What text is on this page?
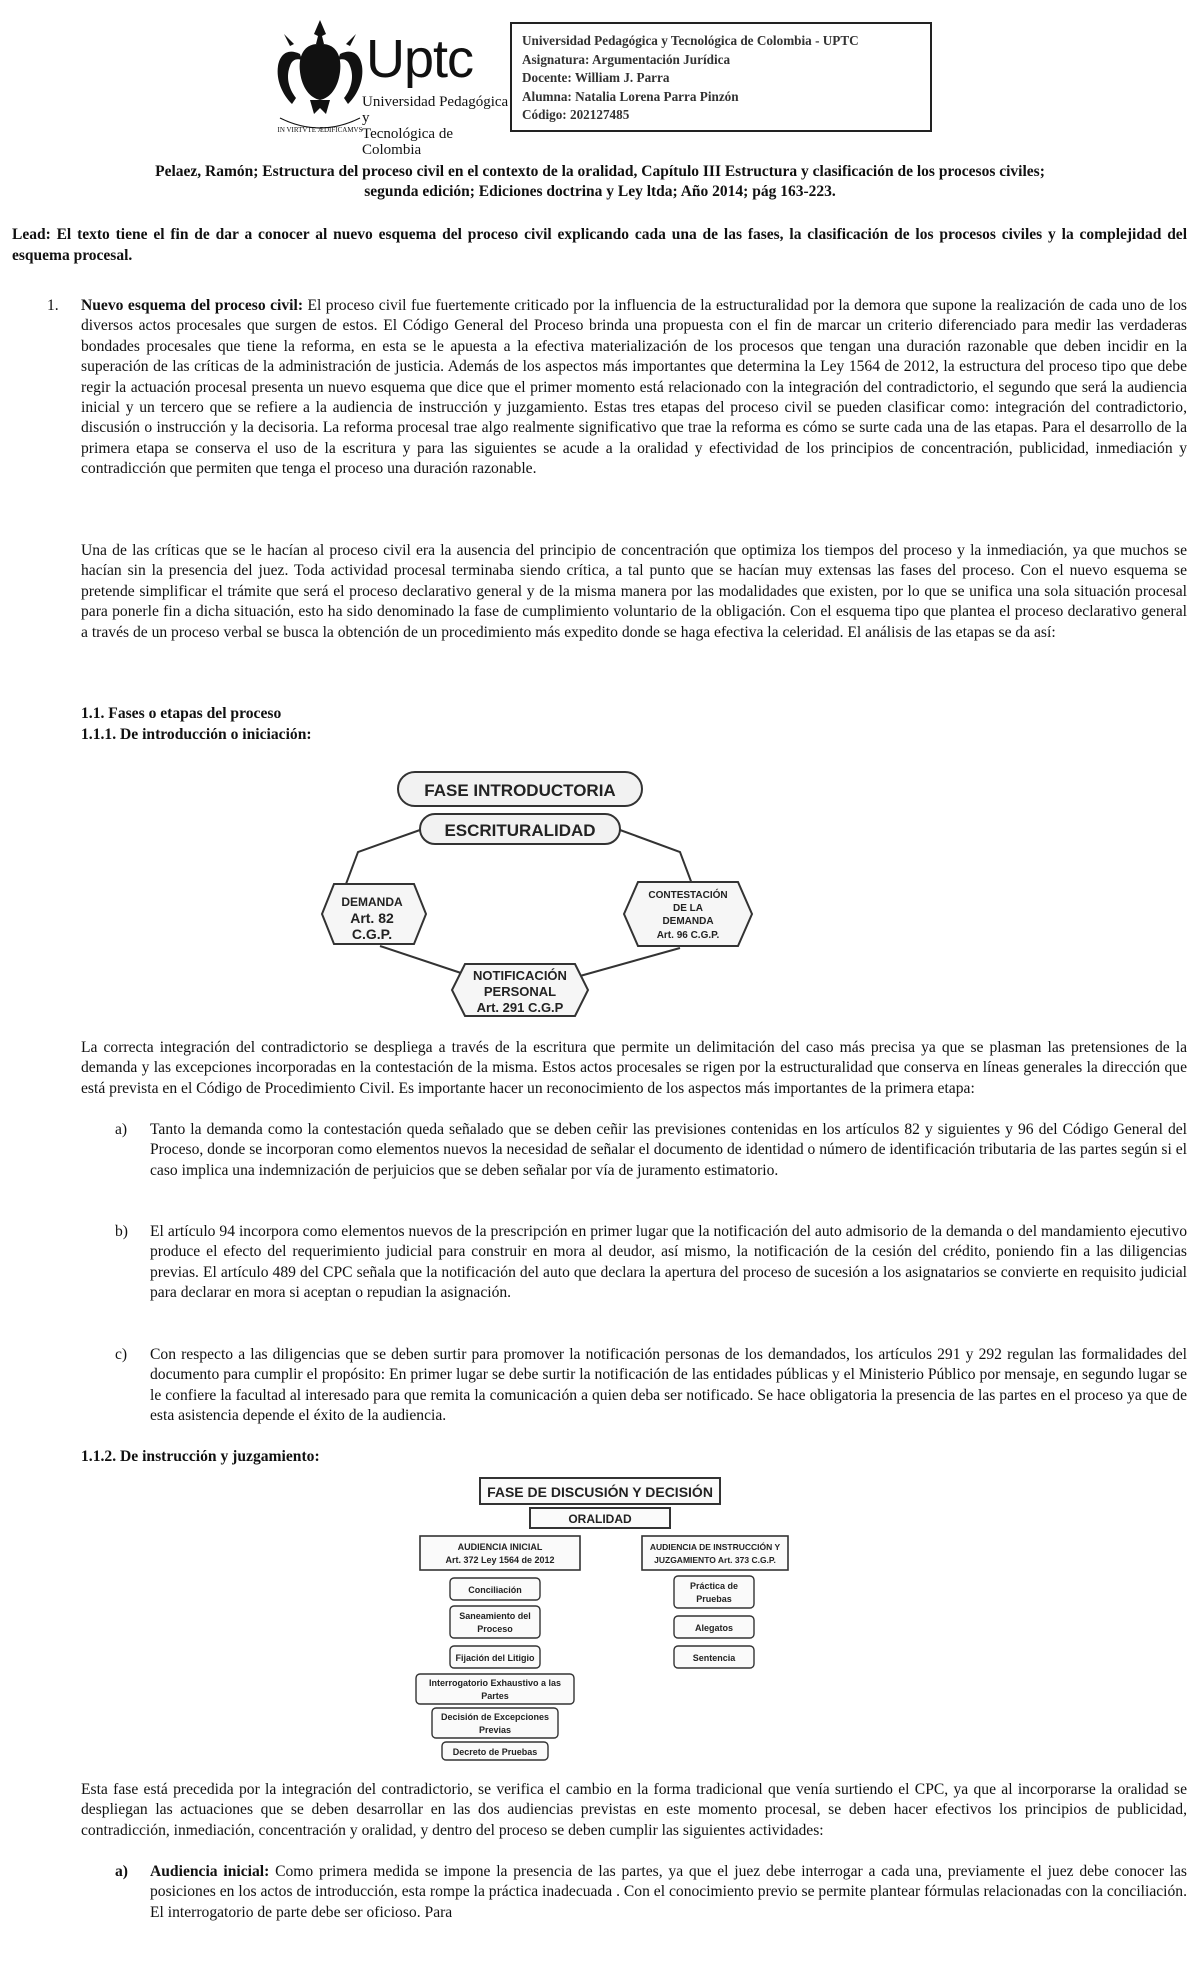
IN VIRTVTE ÆDIFICAMVS
Uptc
Universidad Pedagógica y
Tecnológica de Colombia
Universidad Pedagógica y Tecnológica de Colombia - UPTC
Asignatura: Argumentación Jurídica
Docente: William J. Parra
Alumna: Natalia Lorena Parra Pinzón
Código: 202127485
Pelaez, Ramón; Estructura del proceso civil en el contexto de la oralidad, Capítulo III Estructura y clasificación de los procesos civiles;
segunda edición; Ediciones doctrina y Ley ltda; Año 2014; pág 163-223.
Lead: El texto tiene el fin de dar a conocer al nuevo esquema del proceso civil explicando cada una de las fases, la clasificación de los procesos civiles y la complejidad del esquema procesal.
1. Nuevo esquema del proceso civil: El proceso civil fue fuertemente criticado por la influencia de la estructuralidad por la demora que supone la realización de cada uno de los diversos actos procesales que surgen de estos. El Código General del Proceso brinda una propuesta con el fin de marcar un criterio diferenciado para medir las verdaderas bondades procesales que tiene la reforma, en esta se le apuesta a la efectiva materialización de los procesos que tengan una duración razonable que deben incidir en la superación de las críticas de la administración de justicia. Además de los aspectos más importantes que determina la Ley 1564 de 2012, la estructura del proceso tipo que debe regir la actuación procesal presenta un nuevo esquema que dice que el primer momento está relacionado con la integración del contradictorio, el segundo que será la audiencia inicial y un tercero que se refiere a la audiencia de instrucción y juzgamiento. Estas tres etapas del proceso civil se pueden clasificar como: integración del contradictorio, discusión o instrucción y la decisoria. La reforma procesal trae algo realmente significativo que trae la reforma es cómo se surte cada una de las etapas. Para el desarrollo de la primera etapa se conserva el uso de la escritura y para las siguientes se acude a la oralidad y efectividad de los principios de concentración, publicidad, inmediación y contradicción que permiten que tenga el proceso una duración razonable.
Una de las críticas que se le hacían al proceso civil era la ausencia del principio de concentración que optimiza los tiempos del proceso y la inmediación, ya que muchos se hacían sin la presencia del juez. Toda actividad procesal terminaba siendo crítica, a tal punto que se hacían muy extensas las fases del proceso. Con el nuevo esquema se pretende simplificar el trámite que será el proceso declarativo general y de la misma manera por las modalidades que existen, por lo que se unifica una sola situación procesal para ponerle fin a dicha situación, esto ha sido denominado la fase de cumplimiento voluntario de la obligación. Con el esquema tipo que plantea el proceso declarativo general a través de un proceso verbal se busca la obtención de un procedimiento más expedito donde se haga efectiva la celeridad. El análisis de las etapas se da así:
1.1. Fases o etapas del proceso
1.1.1. De introducción o iniciación:
FASE INTRODUCTORIA
ESCRITURALIDAD
DEMANDA
Art. 82
C.G.P.
CONTESTACIÓN
DE LA
DEMANDA
Art. 96 C.G.P.
NOTIFICACIÓN
PERSONAL
Art. 291 C.G.P
La correcta integración del contradictorio se despliega a través de la escritura que permite un delimitación del caso más precisa ya que se plasman las pretensiones de la demanda y las excepciones incorporadas en la contestación de la misma. Estos actos procesales se rigen por la estructuralidad que conserva en líneas generales la dirección que está prevista en el Código de Procedimiento Civil. Es importante hacer un reconocimiento de los aspectos más importantes de la primera etapa:
a) Tanto la demanda como la contestación queda señalado que se deben ceñir las previsiones contenidas en los artículos 82 y siguientes y 96 del Código General del Proceso, donde se incorporan como elementos nuevos la necesidad de señalar el documento de identidad o número de identificación tributaria de las partes según si el caso implica una indemnización de perjuicios que se deben señalar por vía de juramento estimatorio.
b) El artículo 94 incorpora como elementos nuevos de la prescripción en primer lugar que la notificación del auto admisorio de la demanda o del mandamiento ejecutivo produce el efecto del requerimiento judicial para construir en mora al deudor, así mismo, la notificación de la cesión del crédito, poniendo fin a las diligencias previas. El artículo 489 del CPC señala que la notificación del auto que declara la apertura del proceso de sucesión a los asignatarios se convierte en requisito judicial para declarar en mora si aceptan o repudian la asignación.
c) Con respecto a las diligencias que se deben surtir para promover la notificación personas de los demandados, los artículos 291 y 292 regulan las formalidades del documento para cumplir el propósito: En primer lugar se debe surtir la notificación de las entidades públicas y el Ministerio Público por mensaje, en segundo lugar se le confiere la facultad al interesado para que remita la comunicación a quien deba ser notificado. Se hace obligatoria la presencia de las partes en el proceso ya que de esta asistencia depende el éxito de la audiencia.
1.1.2. De instrucción y juzgamiento:
FASE DE DISCUSIÓN Y DECISIÓN
ORALIDAD
AUDIENCIA INICIAL
Art. 372 Ley 1564 de 2012
AUDIENCIA DE INSTRUCCIÓN Y
JUZGAMIENTO Art. 373 C.G.P.
Conciliación
Saneamiento del
Proceso
Fijación del Litigio
Interrogatorio Exhaustivo a las
Partes
Decisión de Excepciones
Previas
Decreto de Pruebas
Práctica de
Pruebas
Alegatos
Sentencia
Esta fase está precedida por la integración del contradictorio, se verifica el cambio en la forma tradicional que venía surtiendo el CPC, ya que al incorporarse la oralidad se despliegan las actuaciones que se deben desarrollar en las dos audiencias previstas en este momento procesal, se deben hacer efectivos los principios de publicidad, contradicción, inmediación, concentración y oralidad, y dentro del proceso se deben cumplir las siguientes actividades:
a) Audiencia inicial: Como primera medida se impone la presencia de las partes, ya que el juez debe interrogar a cada una, previamente el juez debe conocer las posiciones en los actos de introducción, esta rompe la práctica inadecuada . Con el conocimiento previo se permite plantear fórmulas relacionadas con la conciliación. El interrogatorio de parte debe ser oficioso. Para
